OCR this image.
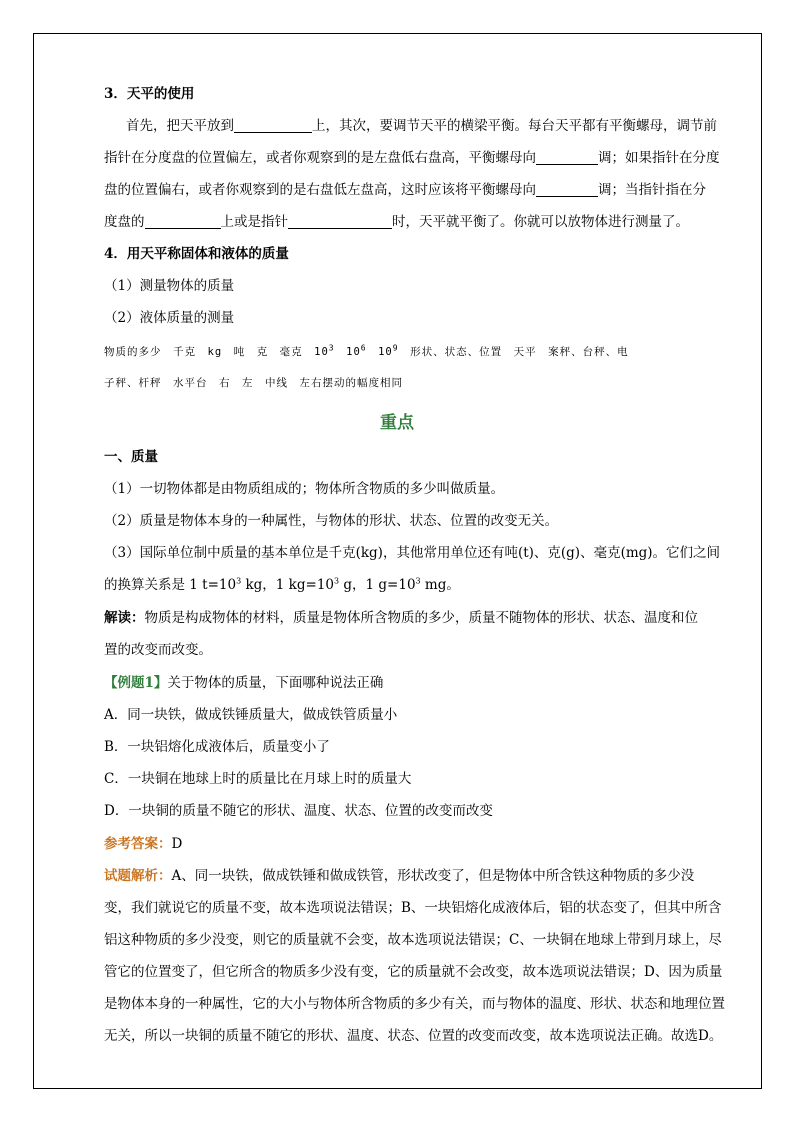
3．天平的使用
首先，把天平放到	上，其次，要调节天平的横梁平衡。每台天平都有平衡螺母，调节前
指针在分度盘的位置偏左，或者你观察到的是左盘低右盘高，平衡螺母向	调；如果指针在分度
盘的位置偏右，或者你观察到的是右盘低左盘高，这时应该将平衡螺母向	调；当指针指在分
度盘的	上或是指针	时，天平就平衡了。你就可以放物体进行测量了。
4．用天平称固体和液体的质量
（1）测量物体的质量
（2）液体质量的测量
物质的多少　千克　kg　吨　克　毫克　$10^3$　$10^6$　$10^9$　形状、状态、位置　天平　案秤、台秤、电
子秤、杆秤　水平台　右　左　中线　左右摆动的幅度相同
重点
一、质量
（1）一切物体都是由物质组成的；物体所含物质的多少叫做质量。
（2）质量是物体本身的一种属性，与物体的形状、状态、位置的改变无关。
（3）国际单位制中质量的基本单位是千克(kg)，其他常用单位还有吨(t)、克(g)、毫克(mg)。它们之间
的换算关系是 1 $t=10^3$ kg，1 $kg=10^3$ g，1 $g=10^3$ mg。
解读：物质是构成物体的材料，质量是物体所含物质的多少，质量不随物体的形状、状态、温度和位
置的改变而改变。
【例题1】关于物体的质量，下面哪种说法正确
A．同一块铁，做成铁锤质量大，做成铁管质量小
B．一块铝熔化成液体后，质量变小了
C．一块铜在地球上时的质量比在月球上时的质量大
D．一块铜的质量不随它的形状、温度、状态、位置的改变而改变
参考答案：D
试题解析：A、同一块铁，做成铁锤和做成铁管，形状改变了，但是物体中所含铁这种物质的多少没
变，我们就说它的质量不变，故本选项说法错误；B、一块铝熔化成液体后，铝的状态变了，但其中所含
铝这种物质的多少没变，则它的质量就不会变，故本选项说法错误；C、一块铜在地球上带到月球上，尽
管它的位置变了，但它所含的物质多少没有变，它的质量就不会改变，故本选项说法错误；D、因为质量
是物体本身的一种属性，它的大小与物体所含物质的多少有关，而与物体的温度、形状、状态和地理位置
无关，所以一块铜的质量不随它的形状、温度、状态、位置的改变而改变，故本选项说法正确。故选D。
